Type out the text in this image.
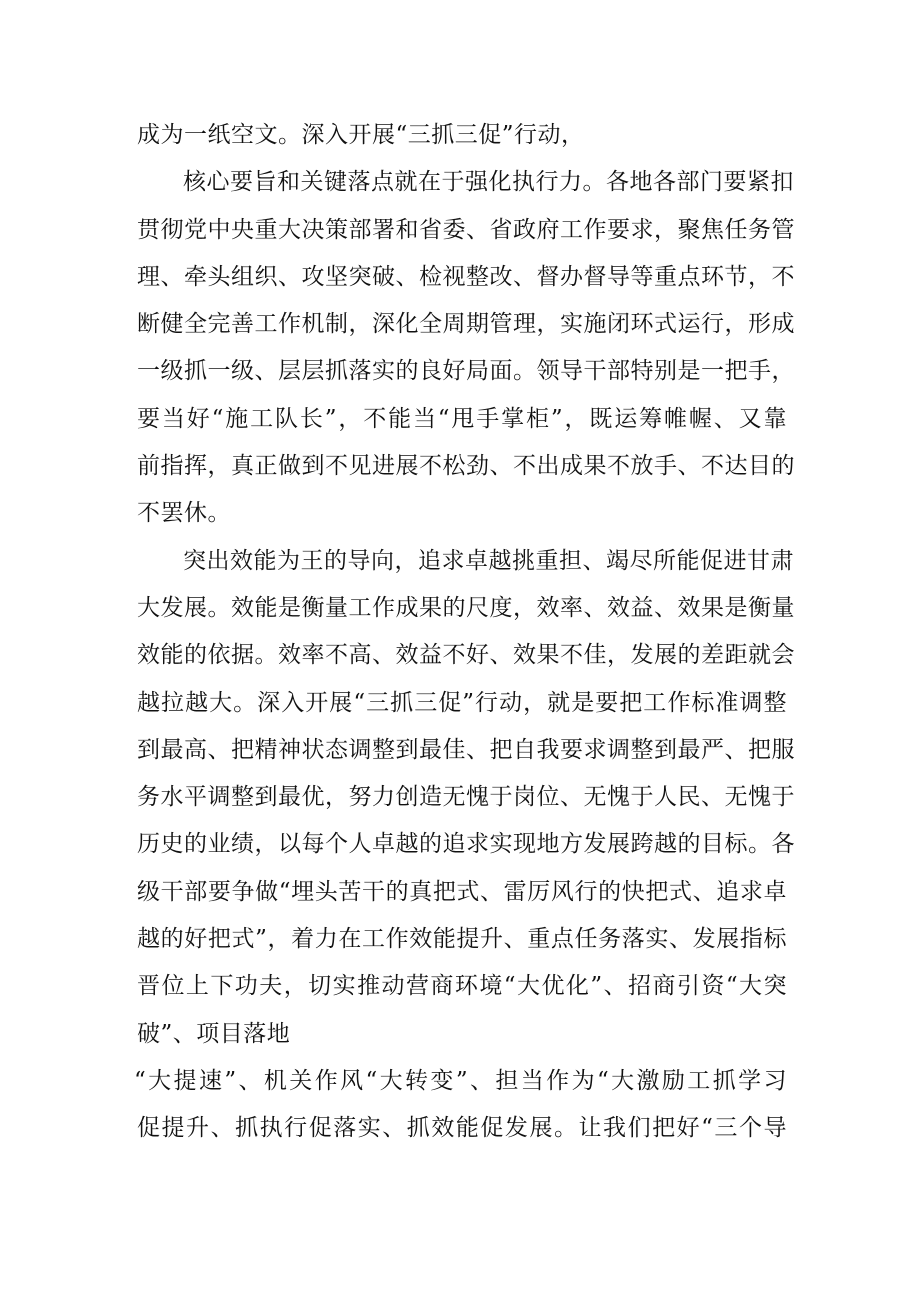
成为一纸空文。深入开展“三抓三促”行动，
核心要旨和关键落点就在于强化执行力。各地各部门要紧扣
贯彻党中央重大决策部署和省委、省政府工作要求，聚焦任务管
理、牵头组织、攻坚突破、检视整改、督办督导等重点环节，不
断健全完善工作机制，深化全周期管理，实施闭环式运行，形成
一级抓一级、层层抓落实的良好局面。领导干部特别是一把手，
要当好“施工队长”，不能当“甩手掌柜”，既运筹帷幄、又靠
前指挥，真正做到不见进展不松劲、不出成果不放手、不达目的
不罢休。
突出效能为王的导向，追求卓越挑重担、竭尽所能促进甘肃
大发展。效能是衡量工作成果的尺度，效率、效益、效果是衡量
效能的依据。效率不高、效益不好、效果不佳，发展的差距就会
越拉越大。深入开展“三抓三促”行动，就是要把工作标准调整
到最高、把精神状态调整到最佳、把自我要求调整到最严、把服
务水平调整到最优，努力创造无愧于岗位、无愧于人民、无愧于
历史的业绩，以每个人卓越的追求实现地方发展跨越的目标。各
级干部要争做“埋头苦干的真把式、雷厉风行的快把式、追求卓
越的好把式”，着力在工作效能提升、重点任务落实、发展指标
晋位上下功夫，切实推动营商环境“大优化”、招商引资“大突
破”、项目落地
“大提速”、机关作风“大转变”、担当作为“大激励工抓学习
促提升、抓执行促落实、抓效能促发展。让我们把好“三个导
